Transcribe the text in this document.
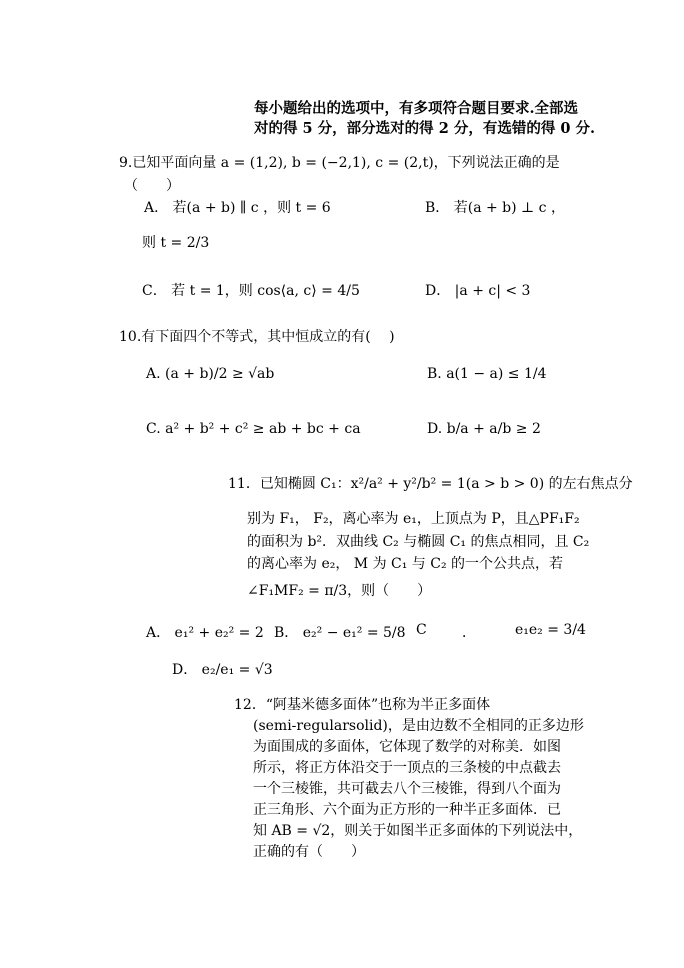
每小题给出的选项中，有多项符合题目要求.全部选
对的得 5 分，部分选对的得 2 分，有选错的得 0 分.
9.已知平面向量 a = (1,2), b = (−2,1), c = (2,t)，下列说法正确的是
（　　）
A． 若(a + b) ∥ c ，则 t = 6	B． 若(a + b) ⊥ c ，
则 t = 2/3
C． 若 t = 1，则 cos⟨a, c⟩ = 4/5	D． |a + c| < 3
10.有下面四个不等式，其中恒成立的有(　 )
A. (a + b)/2 ≥ √ab	B. a(1 − a) ≤ 1/4
C. a² + b² + c² ≥ ab + bc + ca	D. b/a + a/b ≥ 2
11．已知椭圆 C₁：x²/a² + y²/b² = 1(a > b > 0) 的左右焦点分
别为 F₁， F₂，离心率为 e₁，上顶点为 P，且△PF₁F₂
的面积为 b²．双曲线 C₂ 与椭圆 C₁ 的焦点相同，且 C₂
的离心率为 e₂， M 为 C₁ 与 C₂ 的一个公共点，若
∠F₁MF₂ = π/3，则（　　）
A． e₁² + e₂² = 2 B． e₂² − e₁² = 5/8 C	．	e₁e₂ = 3/4
D． e₂/e₁ = √3
12．“阿基米德多面体”也称为半正多面体
(semi-regularsolid)，是由边数不全相同的正多边形
为面围成的多面体，它体现了数学的对称美．如图
所示，将正方体沿交于一顶点的三条棱的中点截去
一个三棱锥，共可截去八个三棱锥，得到八个面为
正三角形、六个面为正方形的一种半正多面体．已
知 AB = √2，则关于如图半正多面体的下列说法中，
正确的有（　　）
